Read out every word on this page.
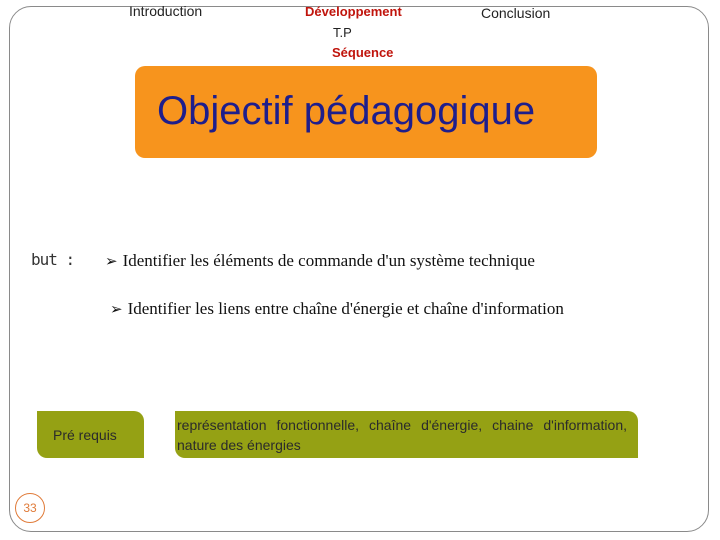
Introduction	Développement
T.P
Séquence
Conclusion
Objectif pédagogique
but : ➢ Identifier les éléments de commande d'un système technique
➢ Identifier les liens entre chaîne d'énergie et chaîne d'information
Pré requis
représentation fonctionnelle, chaîne d'énergie, chaine d'information, nature des énergies
33
